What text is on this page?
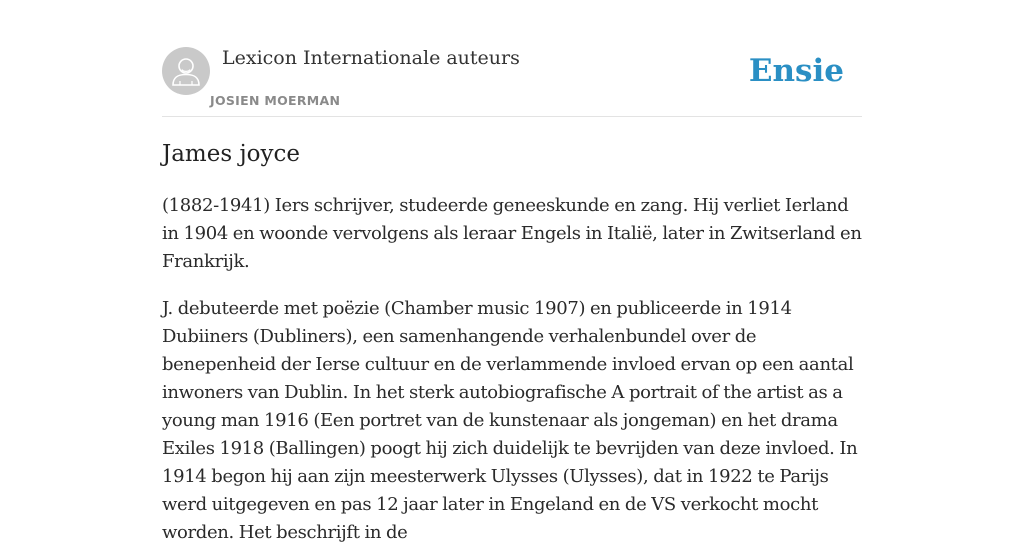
Lexicon Internationale auteurs
JOSIEN MOERMAN
Ensie
James joyce

(1882-1941) Iers schrijver, studeerde geneeskunde en zang. Hij verliet Ierland in 1904 en woonde vervolgens als leraar Engels in Italië, later in Zwitserland en Frankrijk.

J. debuteerde met poëzie (Chamber music 1907) en publiceerde in 1914 Dubiiners (Dubliners), een samenhangende verhalenbundel over de benepenheid der Ierse cultuur en de verlammende invloed ervan op een aantal inwoners van Dublin. In het sterk autobiografische A portrait of the artist as a young man 1916 (Een portret van de kunstenaar als jongeman) en het drama Exiles 1918 (Ballingen) poogt hij zich duidelijk te bevrijden van deze invloed. In 1914 begon hij aan zijn meesterwerk Ulysses (Ulysses), dat in 1922 te Parijs werd uitgegeven en pas 12 jaar later in Engeland en de VS verkocht mocht worden. Het beschrijft in de
